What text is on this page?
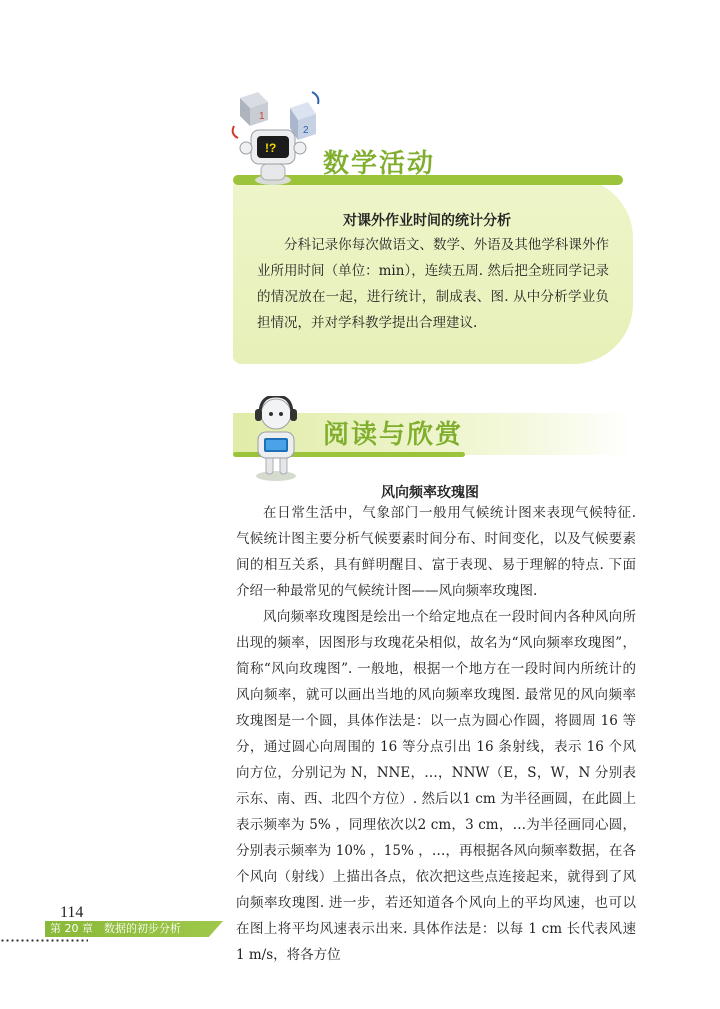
1
2
!?
数学活动
对课外作业时间的统计分析

分科记录你每次做语文、数学、外语及其他学科课外作业所用时间（单位：min），连续五周. 然后把全班同学记录的情况放在一起，进行统计，制成表、图. 从中分析学业负担情况，并对学科教学提出合理建议.

阅读与欣赏
风向频率玫瑰图

在日常生活中，气象部门一般用气候统计图来表现气候特征. 气候统计图主要分析气候要素时间分布、时间变化，以及气候要素间的相互关系，具有鲜明醒目、富于表现、易于理解的特点. 下面介绍一种最常见的气候统计图——风向频率玫瑰图.

风向频率玫瑰图是绘出一个给定地点在一段时间内各种风向所出现的频率，因图形与玫瑰花朵相似，故名为“风向频率玫瑰图”，简称“风向玫瑰图”. 一般地，根据一个地方在一段时间内所统计的风向频率，就可以画出当地的风向频率玫瑰图. 最常见的风向频率玫瑰图是一个圆，具体作法是：以一点为圆心作圆，将圆周 16 等分，通过圆心向周围的 16 等分点引出 16 条射线，表示 16 个风向方位，分别记为 N，NNE，…，NNW（E，S，W，N 分别表示东、南、西、北四个方位）. 然后以1 cm 为半径画圆，在此圆上表示频率为 5% ，同理依次以2 cm，3 cm，…为半径画同心圆，分别表示频率为 10% ，15% ，…，再根据各风向频率数据，在各个风向（射线）上描出各点，依次把这些点连接起来，就得到了风向频率玫瑰图. 进一步，若还知道各个风向上的平均风速，也可以在图上将平均风速表示出来. 具体作法是：以每 1 cm 长代表风速 1 m/s，将各方位

114
第 20 章　数据的初步分析
